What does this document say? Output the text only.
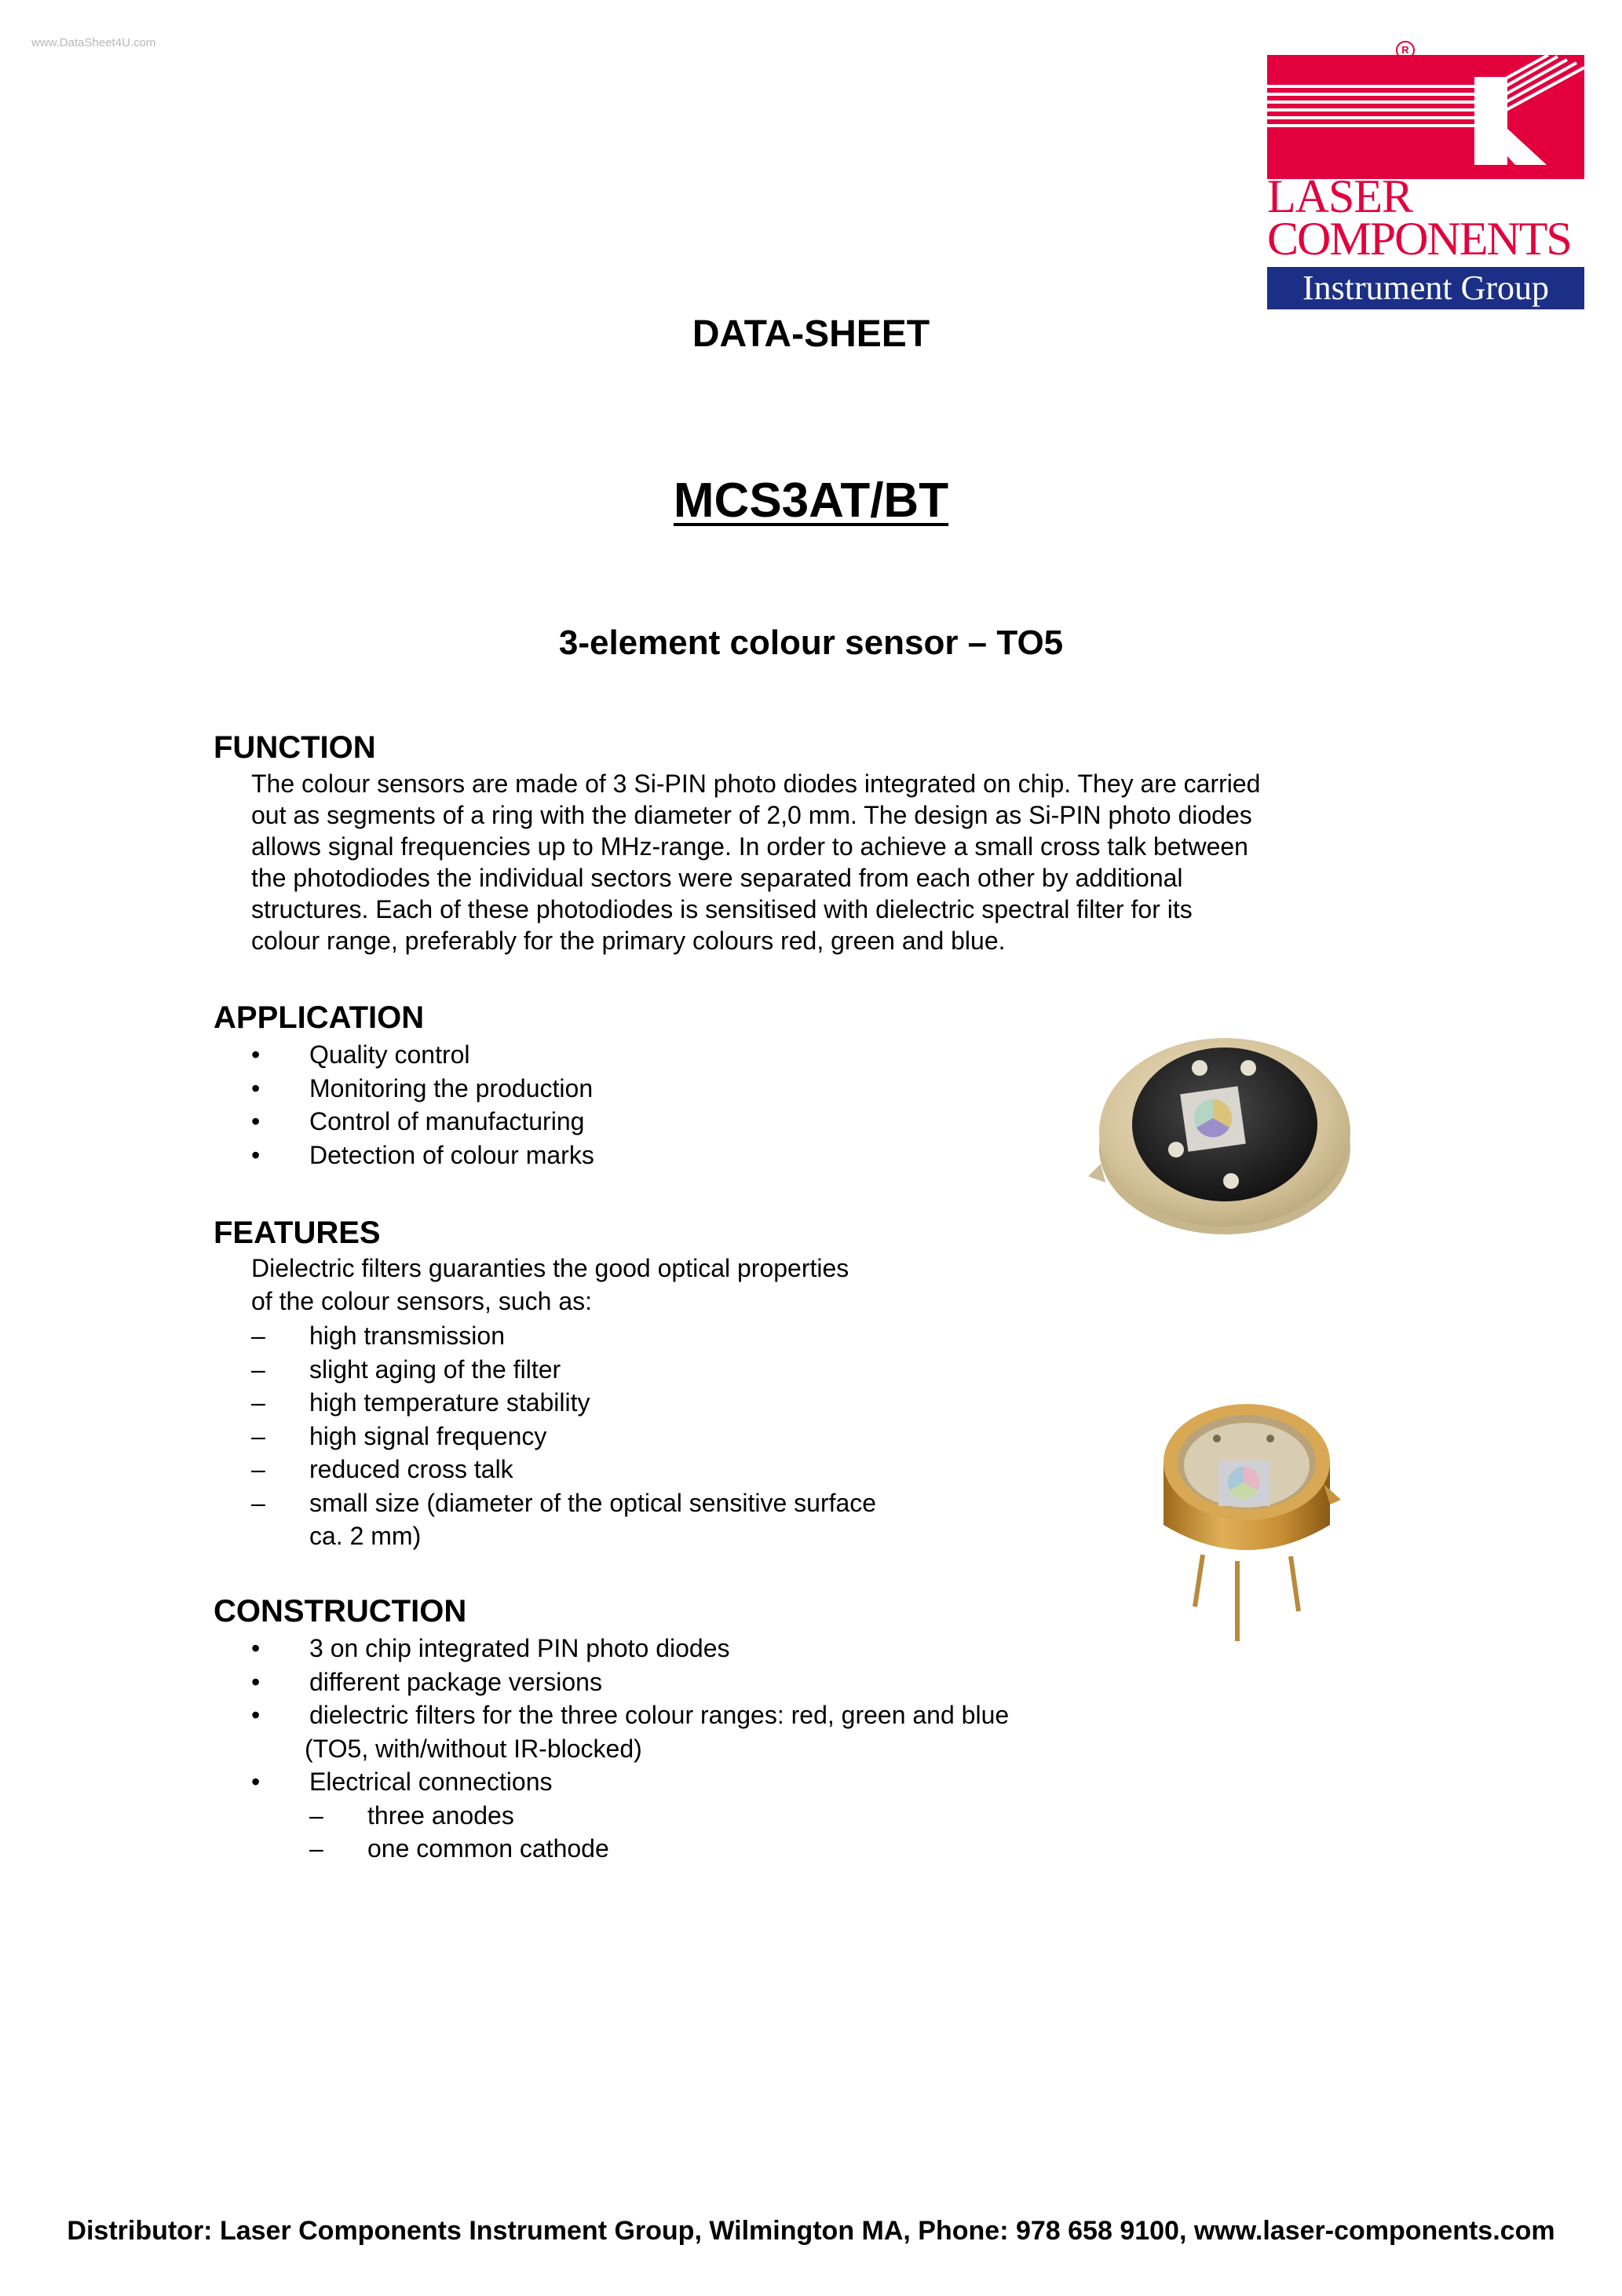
www.DataSheet4U.com
R
LASER
COMPONENTS
Instrument Group
DATA-SHEET
MCS3AT/BT
3-element colour sensor – TO5
FUNCTION
The colour sensors are made of 3 Si-PIN photo diodes integrated on chip. They are carried
out as segments of a ring with the diameter of 2,0 mm. The design as Si-PIN photo diodes
allows signal frequencies up to MHz-range. In order to achieve a small cross talk between
the photodiodes the individual sectors were separated from each other by additional
structures. Each of these photodiodes is sensitised with dielectric spectral filter for its
colour range, preferably for the primary colours red, green and blue.
APPLICATION
• Quality control
• Monitoring the production
• Control of manufacturing
• Detection of colour marks
FEATURES
Dielectric filters guaranties the good optical properties
of the colour sensors, such as:
– high transmission
– slight aging of the filter
– high temperature stability
– high signal frequency
– reduced cross talk
– small size (diameter of the optical sensitive surface
ca. 2 mm)
CONSTRUCTION
• 3 on chip integrated PIN photo diodes
• different package versions
• dielectric filters for the three colour ranges: red, green and blue
(TO5, with/without IR-blocked)
• Electrical connections
– three anodes
– one common cathode
Distributor: Laser Components Instrument Group, Wilmington MA, Phone: 978 658 9100, www.laser-components.com
